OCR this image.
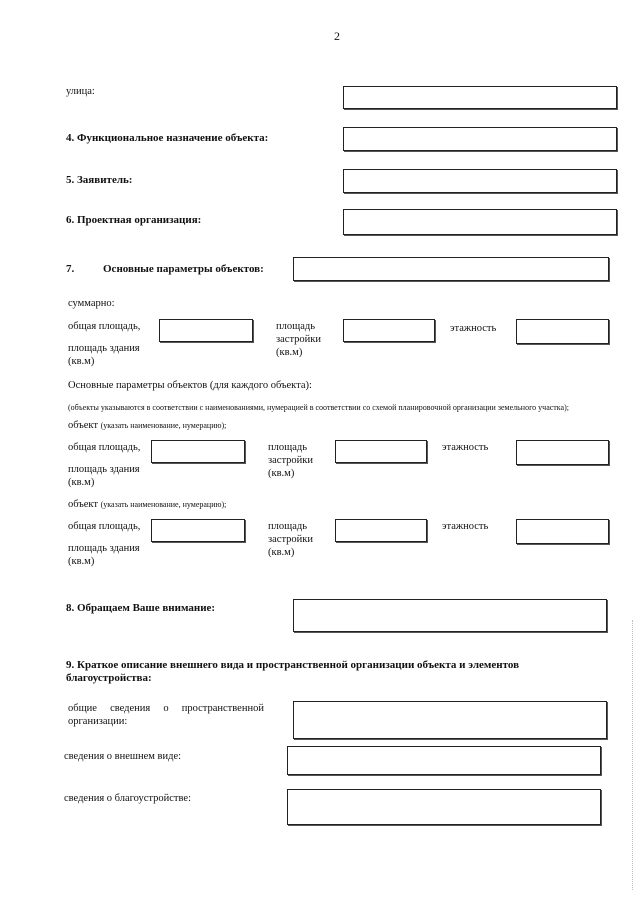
2
улица:
4. Функциональное назначение объекта:
5. Заявитель:
6. Проектная организация:
7.	Основные параметры объектов:
суммарно:
общая площадь,
площадь здания
(кв.м)
площадь
застройки
(кв.м)
этажность
Основные параметры объектов (для каждого объекта):
(объекты указываются в соответствии с наименованиями, нумерацией в соответствии со схемой планировочной организации земельного участка);
объект (указать наименование, нумерацию);
общая площадь,
площадь здания
(кв.м)
площадь
застройки
(кв.м)
этажность
объект (указать наименование, нумерацию);
общая площадь,
площадь здания
(кв.м)
площадь
застройки
(кв.м)
этажность
8. Обращаем Ваше внимание:
9. Краткое описание внешнего вида и пространственной организации объекта и элементов
благоустройства:
общие     сведения     о     пространственной
организации:
сведения о внешнем виде:
сведения о благоустройстве:
